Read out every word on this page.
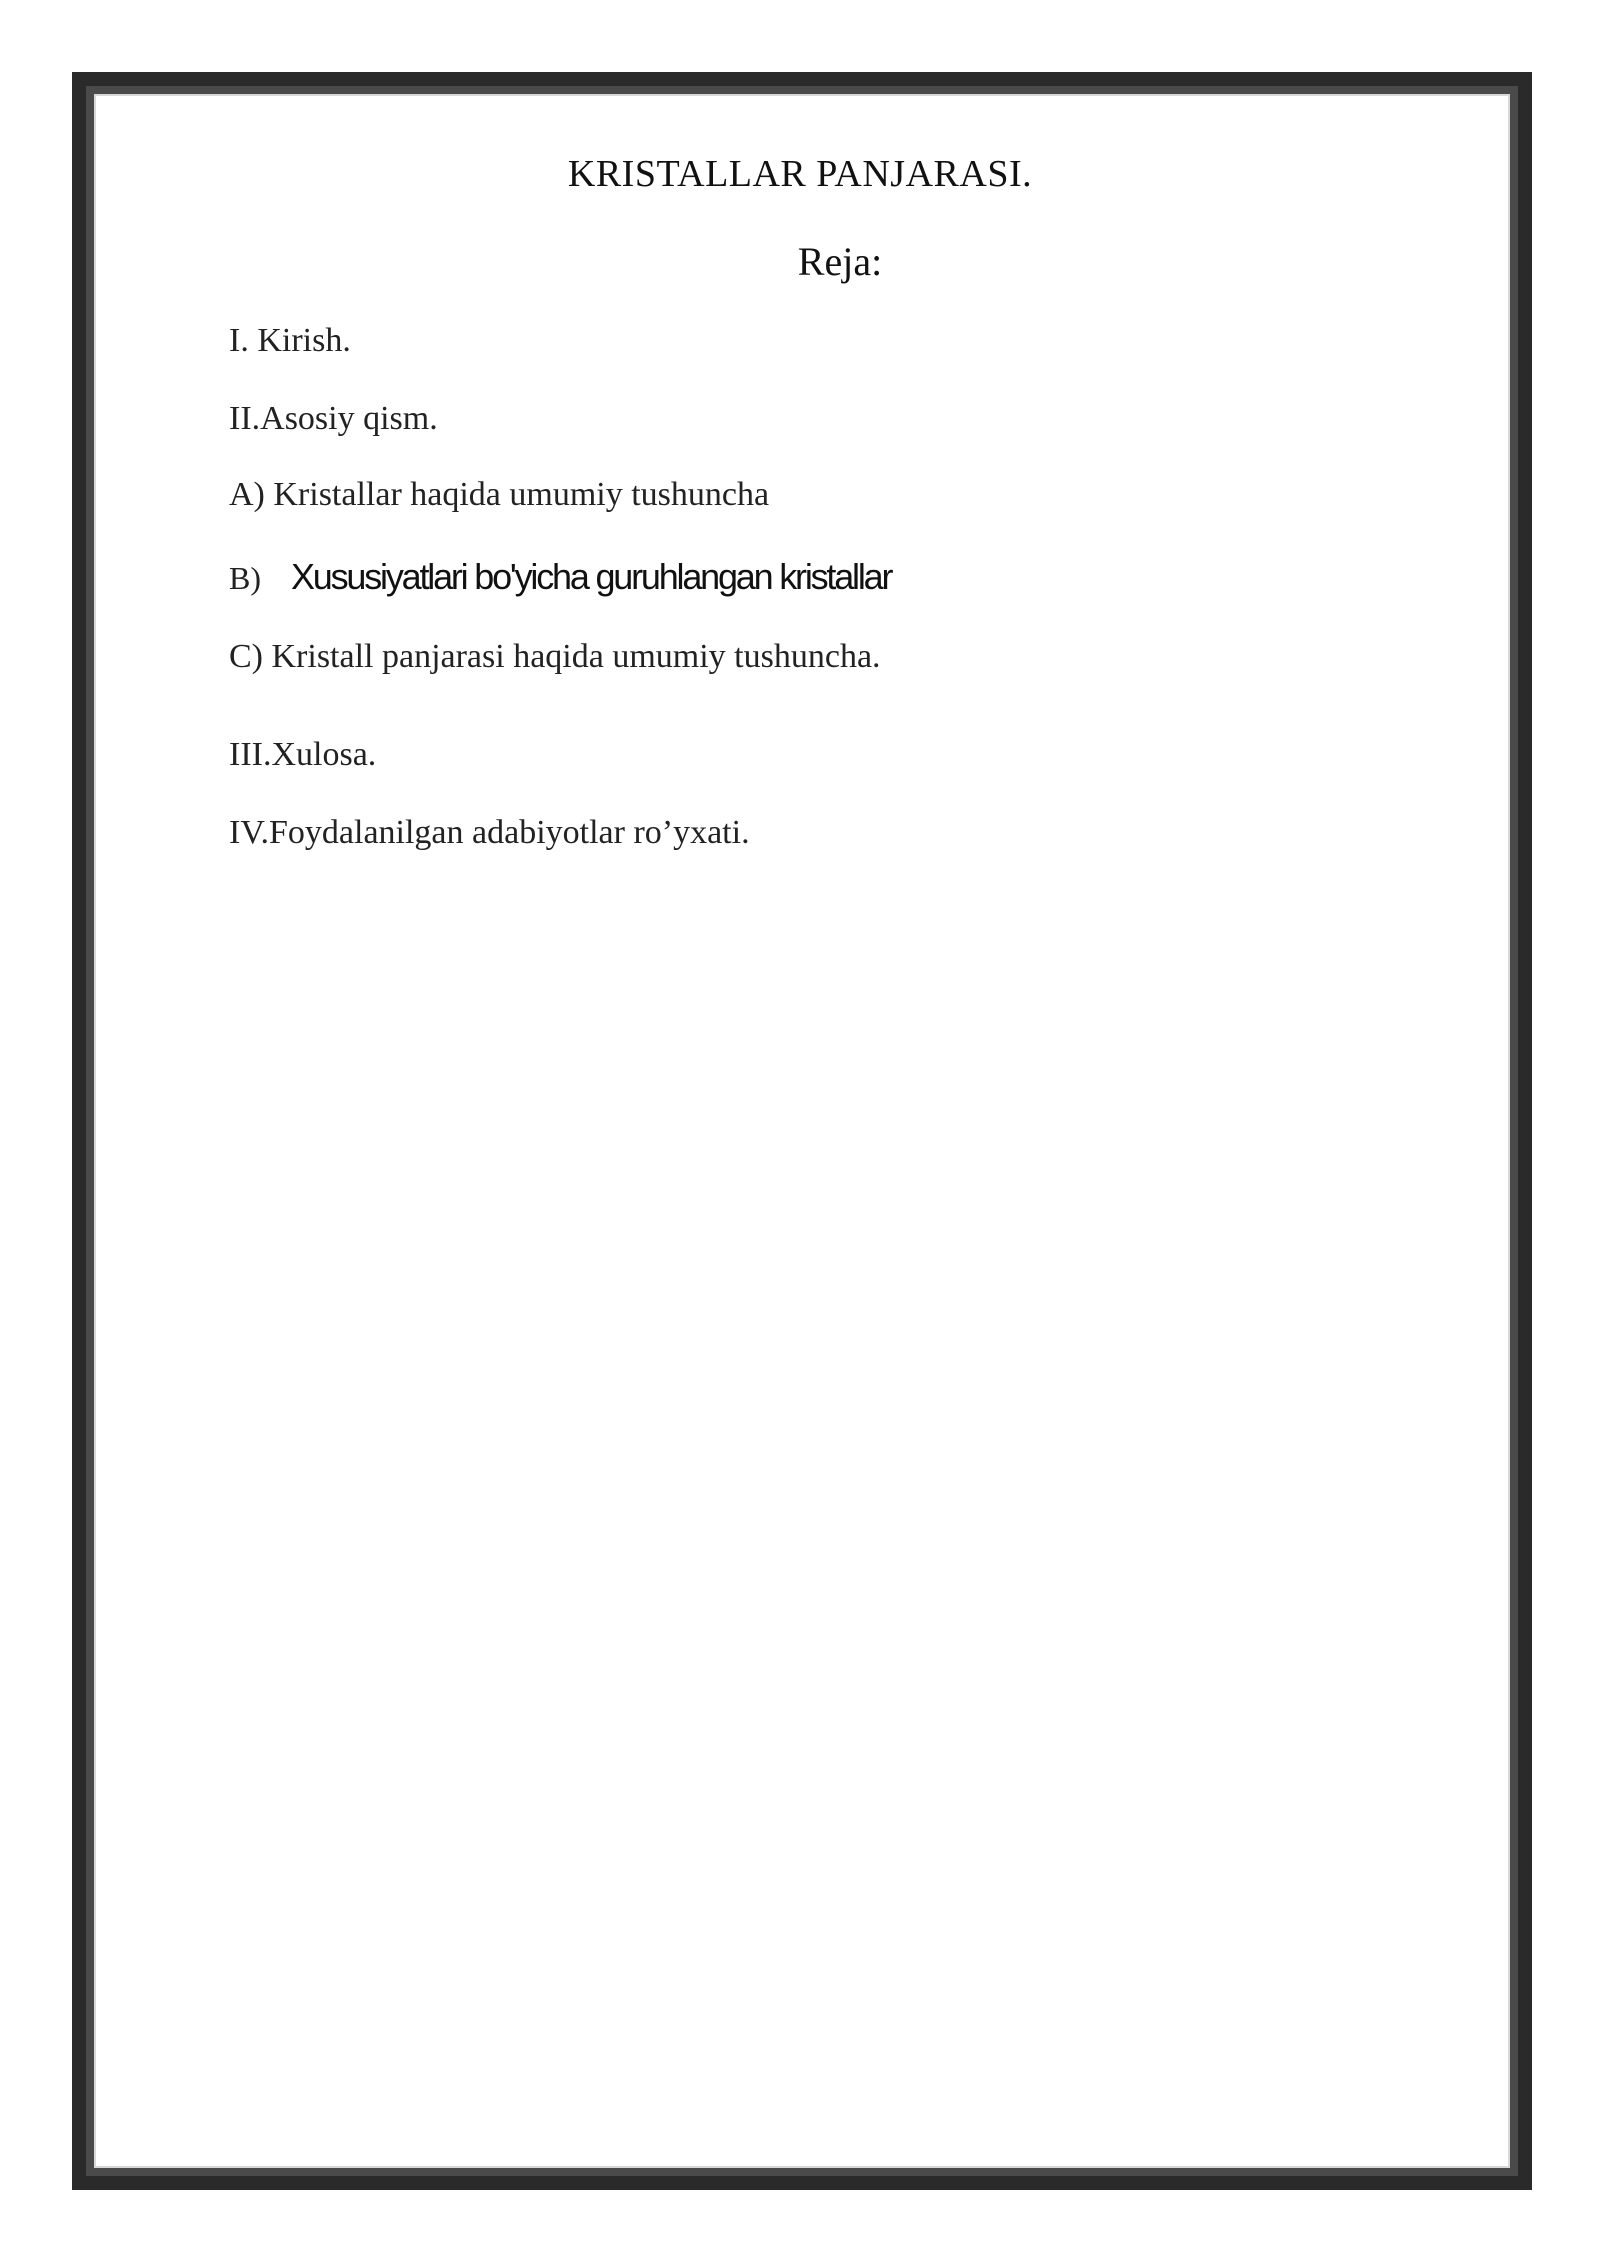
KRISTALLAR PANJARASI.
Reja:
I. Kirish.
II.Asosiy qism.
A) Kristallar haqida umumiy tushuncha
B) Xususiyatlari bo'yicha guruhlangan kristallar
C) Kristall panjarasi haqida umumiy tushuncha.
III.Xulosa.
IV.Foydalanilgan adabiyotlar ro’yxati.
